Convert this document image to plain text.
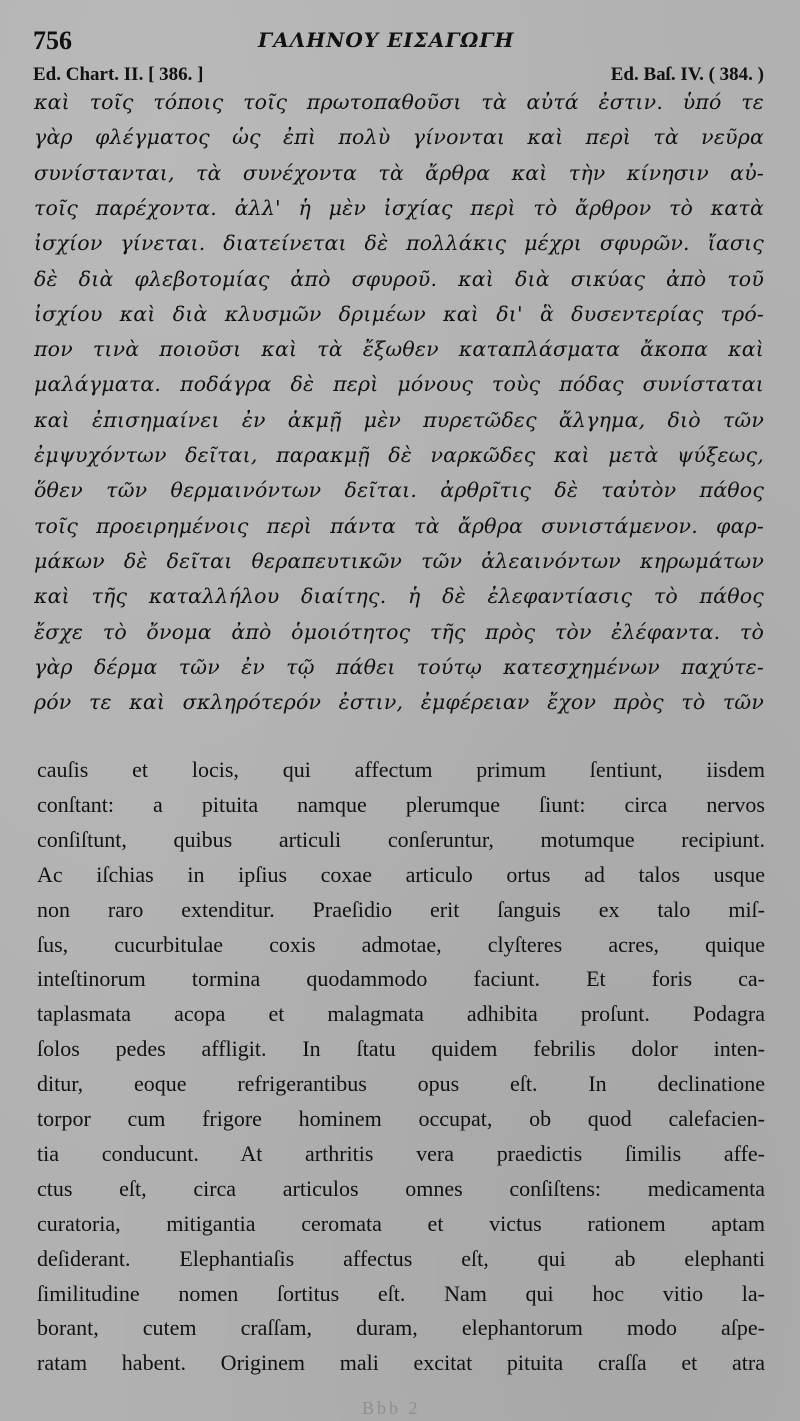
756	ΓΑΛΗΝΟΥ ΕΙΣΑΓΩΓΗ
Ed. Chart. II. [ 386. ]	Ed. Baſ. IV. ( 384. )
καὶ τοῖς τόποις τοῖς πρωτοπαθοῦσι τὰ αὐτά ἐστιν. ὑπό τε
γὰρ φλέγματος ὡς ἐπὶ πολὺ γίνονται καὶ περὶ τὰ νεῦρα
συνίστανται, τὰ συνέχοντα τὰ ἄρθρα καὶ τὴν κίνησιν αὐ-
τοῖς παρέχοντα. ἀλλ' ἡ μὲν ἰσχίας περὶ τὸ ἄρθρον τὸ κατὰ
ἰσχίον γίνεται. διατείνεται δὲ πολλάκις μέχρι σφυρῶν. ἴασις
δὲ διὰ φλεβοτομίας ἀπὸ σφυροῦ. καὶ διὰ σικύας ἀπὸ τοῦ
ἰσχίου καὶ διὰ κλυσμῶν δριμέων καὶ δι' ἃ δυσεντερίας τρό-
πον τινὰ ποιοῦσι καὶ τὰ ἔξωθεν καταπλάσματα ἄκοπα καὶ
μαλάγματα. ποδάγρα δὲ περὶ μόνους τοὺς πόδας συνίσταται
καὶ ἐπισημαίνει ἐν ἀκμῇ μὲν πυρετῶδες ἄλγημα, διὸ τῶν
ἐμψυχόντων δεῖται, παρακμῇ δὲ ναρκῶδες καὶ μετὰ ψύξεως,
ὅθεν τῶν θερμαινόντων δεῖται. ἀρθρῖτις δὲ ταὐτὸν πάθος
τοῖς προειρημένοις περὶ πάντα τὰ ἄρθρα συνιστάμενον. φαρ-
μάκων δὲ δεῖται θεραπευτικῶν τῶν ἀλεαινόντων κηρωμάτων
καὶ τῆς καταλλήλου διαίτης. ἡ δὲ ἐλεφαντίασις τὸ πάθος
ἔσχε τὸ ὄνομα ἀπὸ ὁμοιότητος τῆς πρὸς τὸν ἐλέφαντα. τὸ
γὰρ δέρμα τῶν ἐν τῷ πάθει τούτῳ κατεσχημένων παχύτε-
ρόν τε καὶ σκληρότερόν ἐστιν, ἐμφέρειαν ἔχον πρὸς τὸ τῶν
cauſis et locis, qui affectum primum ſentiunt, iisdem
conſtant: a pituita namque plerumque ſiunt: circa nervos
conſiſtunt, quibus articuli conſeruntur, motumque recipiunt.
Ac iſchias in ipſius coxae articulo ortus ad talos usque
non raro extenditur. Praeſidio erit ſanguis ex talo miſ-
ſus, cucurbitulae coxis admotae, clyſteres acres, quique
inteſtinorum tormina quodammodo faciunt. Et foris ca-
taplasmata acopa et malagmata adhibita proſunt. Podagra
ſolos pedes affligit. In ſtatu quidem febrilis dolor inten-
ditur, eoque refrigerantibus opus eſt. In declinatione
torpor cum frigore hominem occupat, ob quod calefacien-
tia conducunt. At arthritis vera praedictis ſimilis affe-
ctus eſt, circa articulos omnes conſiſtens: medicamenta
curatoria, mitigantia ceromata et victus rationem aptam
deſiderant. Elephantiaſis affectus eſt, qui ab elephanti
ſimilitudine nomen ſortitus eſt. Nam qui hoc vitio la-
borant, cutem craſſam, duram, elephantorum modo aſpe-
ratam habent. Originem mali excitat pituita craſſa et atra
Bbb 2
